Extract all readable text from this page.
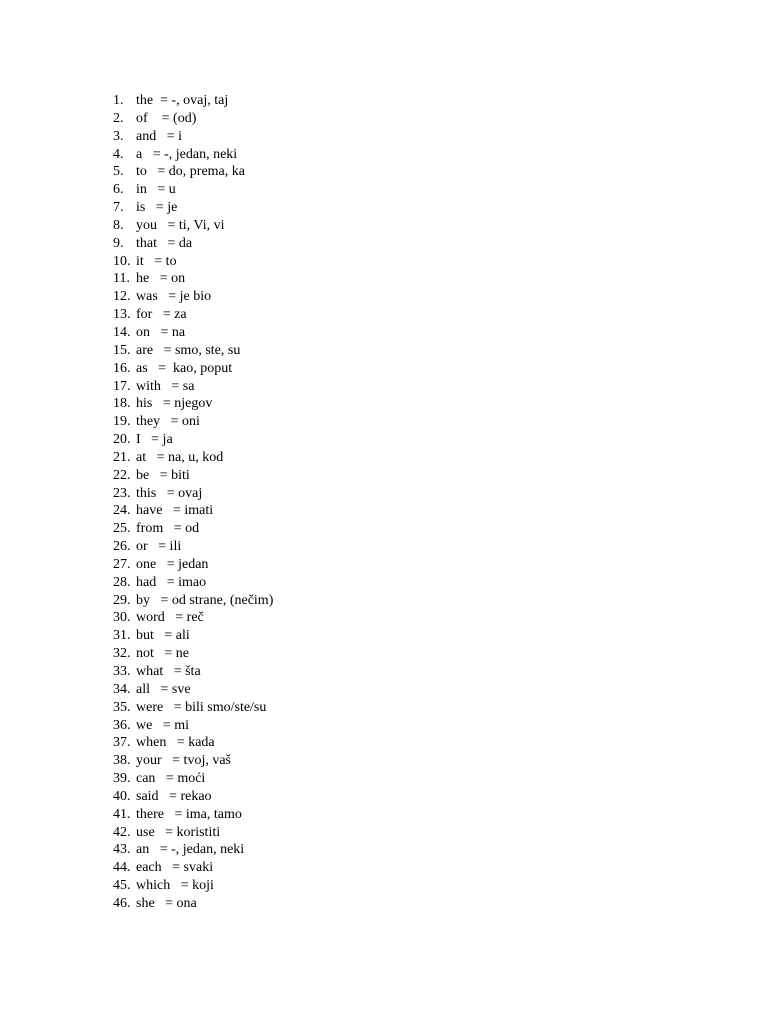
1. the  = -, ovaj, taj
2. of    = (od)
3. and   = i
4. a   = -, jedan, neki
5. to   = do, prema, ka
6. in   = u
7. is   = je
8. you   = ti, Vi, vi
9. that   = da
10. it   = to
11. he   = on
12. was   = je bio
13. for   = za
14. on   = na
15. are   = smo, ste, su
16. as   =  kao, poput
17. with   = sa
18. his   = njegov
19. they   = oni
20. I   = ja
21. at   = na, u, kod
22. be   = biti
23. this   = ovaj
24. have   = imati
25. from   = od
26. or   = ili
27. one   = jedan
28. had   = imao
29. by   = od strane, (nečim)
30. word   = reč
31. but   = ali
32. not   = ne
33. what   = šta
34. all   = sve
35. were   = bili smo/ste/su
36. we   = mi
37. when   = kada
38. your   = tvoj, vaš
39. can   = moći
40. said   = rekao
41. there   = ima, tamo
42. use   = koristiti
43. an   = -, jedan, neki
44. each   = svaki
45. which   = koji
46. she   = ona
